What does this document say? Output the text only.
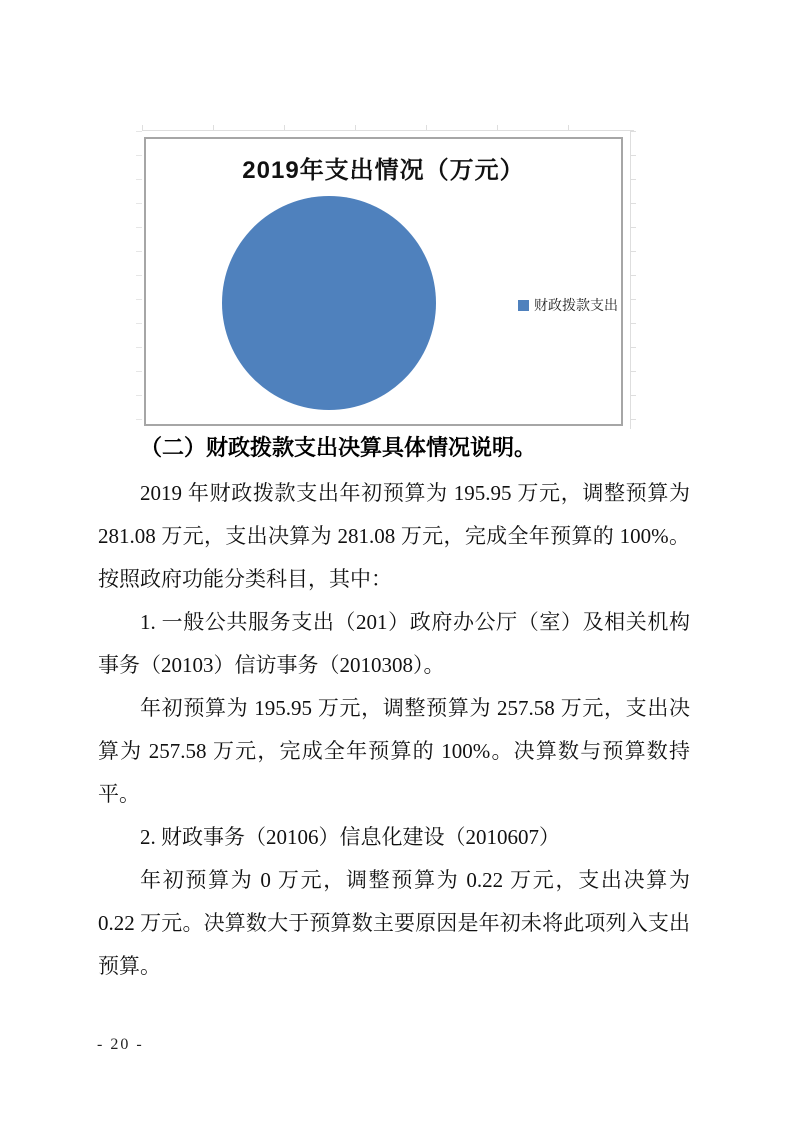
2019年支出情况（万元）
财政拨款支出
（二）财政拨款支出决算具体情况说明。

2019 年财政拨款支出年初预算为 195.95 万元，调整预算为 281.08 万元，支出决算为 281.08 万元，完成全年预算的 100%。按照政府功能分类科目，其中：

1. 一般公共服务支出（201）政府办公厅（室）及相关机构事务（20103）信访事务（2010308）。

年初预算为 195.95 万元，调整预算为 257.58 万元，支出决算为 257.58 万元，完成全年预算的 100%。决算数与预算数持平。

2. 财政事务（20106）信息化建设（2010607）

年初预算为 0 万元，调整预算为 0.22 万元，支出决算为 0.22 万元。决算数大于预算数主要原因是年初未将此项列入支出预算。

- 20 -
